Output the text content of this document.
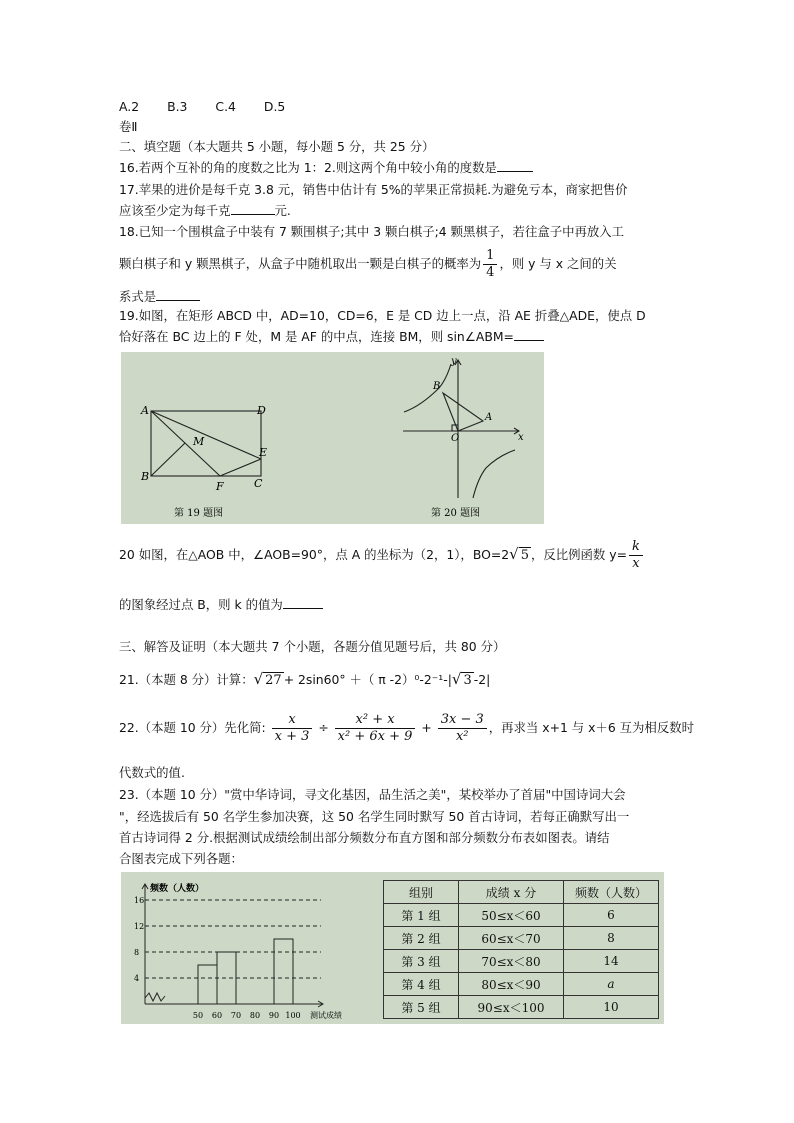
A.2 B.3 C.4 D.5
卷Ⅱ
二、填空题（本大题共 5 小题，每小题 5 分，共 25 分）
16.若两个互补的角的度数之比为 1：2.则这两个角中较小角的度数是
17.苹果的进价是每千克 3.8 元，销售中估计有 5%的苹果正常损耗.为避免亏本，商家把售价
应该至少定为每千克	元.
18.已知一个围棋盒子中装有 7 颗围棋子;其中 3 颗白棋子;4 颗黑棋子，若往盒子中再放入工
颗白棋子和 y 颗黑棋子，从盒子中随机取出一颗是白棋子的概率为 $\frac{1}{4}$ ，则 y 与 x 之间的关
系式是
19.如图，在矩形 ABCD 中，AD=10，CD=6，E 是 CD 边上一点，沿 AE 折叠△ADE，使点 D
恰好落在 BC 边上的 F 处，M 是 AF 的中点，连接 BM，则 sin∠ABM=
A
B
C
D
E
F
M
第 19 题图
y
x
O
A
B
第 20 题图
20 如图，在△AOB 中，∠AOB=90°，点 A 的坐标为（2，1），BO=2√ 5 ，反比例函数 $y= \frac{k}{x}$
的图象经过点 B，则 k 的值为
三、解答及证明（本大题共 7 个小题，各题分值见题号后，共 80 分）
21.（本题 8 分）计算：√ 27 + 2sin60° ＋（ π -2）⁰-2⁻¹-|√ 3 -2|
22.（本题 10 分）先化简: $\frac{x}{x + 3} \div \frac{\text{x² + x}}{\text{x² + 6x + 9}} + \frac{3x - 3}{\text{x²}}$ ，再求当 x+1 与 x＋6 互为相反数时
代数式的值.
23.（本题 10 分）"赏中华诗词，寻文化基因，品生活之美"，某校举办了首届"中国诗词大会
"，经选拔后有 50 名学生参加决赛，这 50 名学生同时默写 50 首古诗词，若每正确默写出一
首古诗词得 2 分.根据测试成绩绘制出部分频数分布直方图和部分频数分布表如图表。请结
合图表完成下列各题：
频数（人数）
4
8
12
16
50 60 70 80 90 100 测试成绩
组别	成绩 x 分	频数（人数）
第 1 组	50≤x＜60	6
第 2 组	60≤x＜70	8
第 3 组	70≤x＜80	14
第 4 组	80≤x＜90	a
第 5 组	90≤x＜100	10
